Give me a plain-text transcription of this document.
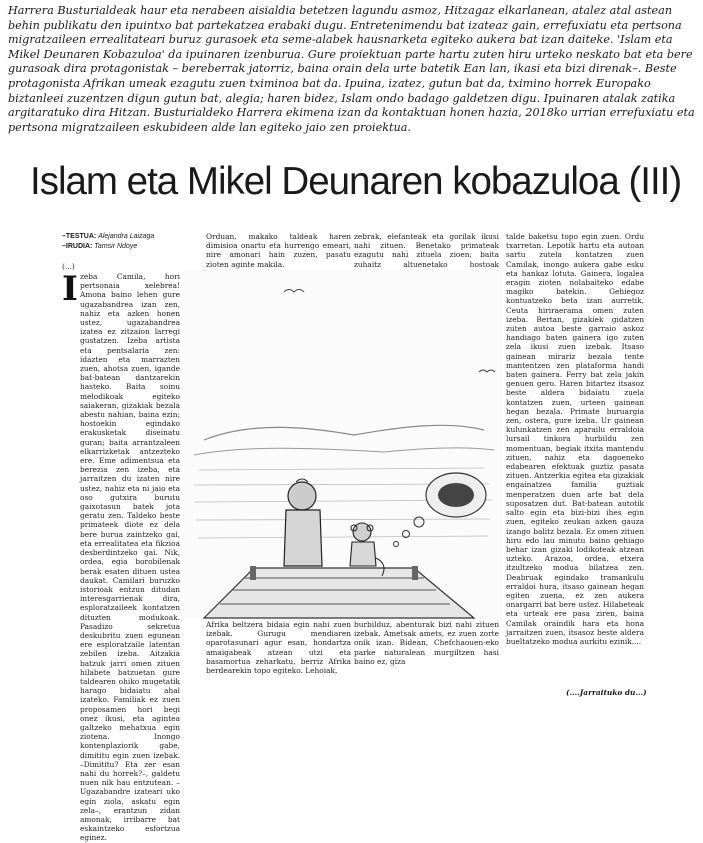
Harrera Busturialdeak haur eta nerabeen aisialdia betetzen lagundu asmoz, Hitzagaz elkarlanean, atalez atal astean behin publikatu den ipuintxo bat partekatzea erabaki dugu. Entretenimendu bat izateaz gain, errefuxiatu eta pertsona migratzaileen errealitateari buruz gurasoek eta seme-alabek hausnarketa egiteko aukera bat izan daiteke. 'Islam eta Mikel Deunaren Kobazuloa' da ipuinaren izenburua. Gure proiektuan parte hartu zuten hiru urteko neskato bat eta bere gurasoak dira protagonistak – bereberrak jatorriz, baina orain dela urte batetik Ean lan, ikasi eta bizi direnak–. Beste protagonista Afrikan umeak ezagutu zuen tximinoa bat da. Ipuina, izatez, gutun bat da, tximino horrek Europako biztanleei zuzentzen digun gutun bat, alegia; haren bidez, Islam ondo badago galdetzen digu. Ipuinaren atalak zatika argitaratuko dira Hitzan. Busturialdeko Harrera ekimena izan da kontaktuan honen hazia, 2018ko urrian errefuxiatu eta pertsona migratzaileen eskubideen alde lan egiteko jaio zen proiektua.
Islam eta Mikel Deunaren kobazuloa (III)
–TESTUA: Alejandra Laizaga
–IRUDIA: Tamsir Ndoye
(...)
I zeba Camila, hori pertsonaia xelebrea! Amona baino lehen gure ugazabandrea izan zen, nahiz eta azken honen ustez, ugazabandrea izatea ez zitzaion larregi gustatzen. Izeba artista eta pentsalaria zen: idazten eta marrazten zuen, ahotsa zuen, igande bat-batean dantzarekin hasteko. Baita soinu melodikoak egiteko saiakeran, gizakiak bezala abestu nahian, baina ezin; hostoekin egindako erakusketak diseinatu guran; baita arrantzaleen elkarrizketak antzezteko ere. Eme adimentsua eta berezia zen izeba, eta jarraitzen du izaten nire ustez, nahiz eta ni jaio eta oso gutxira burutu gaixotasun batek jota geratu zen. Taldeko beste primateek diote ez dela bere burua zaintzeko gai, eta errealitatea eta fikzioa desberdintzeko gai. Nik, ordea, egia borobilenak berak esaten dituen ustea daukat. Camilari buruzko istorioak entzun ditudan interesgarrienak dira, esploratzaileek kontatzen dituzten modukoak. Pasadizo sekretua deskubritu zuen egunean ere esploratzaile latentan zebilen izeba. Aitzakia batzuk jarri omen zituen hilabete batzuetan gure taldearen ohiko mugetatik harago bidaiatu ahal izateko. Familiak ez zuen proposamen hori begi onez ikusi, eta agintea galtzeko mehatxua egin ziotena. Inongo kontenplaziorik gabe, dimititu egin zuen izebak. –Dimititu? Eta zer esan nahi du horrek?–, galdetu nuen nik hau entzutean. –Ugazabandre izateari uko egin ziola, askatu egin zela–, erantzun zidan amonak, irribarre bat eskaintzeko esfortzua eginez.
Orduan, makako taldeak haren dimisioa onartu eta hurrengo emeari, nire amonari hain zuzen, pasatu zioten aginte makila.
zebrak, elefanteak eta gorilak ikusi nahi zituen. Benetako primateak ezagutu nahi zituela zioen; baita zuhaitz altuenetako hostoak
talde baketsu topo egin zuen. Ordu txarretan. Lepotik hartu eta autoan sartu zutela kontatzen zuen Camilak, inongo aukera gabe esku eta hankaz lotuta. Gainera, logalea eragin zioten nolabaiteko edabe magiko batekin. Gehiegoz kontuatzeko beta izan aurretik, Ceuta hiriraerama omen zuten izeba. Bertan, gizakiek gidatzen zuten autoa beste garraio askoz handiago baten gainera igo zuten zela ikusi zuen izebak. Itsaso gainean mirariz bezala tente mantentzen zen plataforma handi baten gainera. Ferry bat zela jakin genuen gero. Haren bitartez itsasoz beste aldera bidaiatu zuela kontatzen zuen, urteen gainean hegan bezala. Primate buruargia zen, ostera, gure izeba. Ur gainean kulunkatzen zen aparailu erraldoia lursail tinkora hurbildu zen momentuan, begiak itxita mantendu zituen, nahiz eta dagoeneko edabearen efektuak guztiz pasata zituen. Antzerkia egitea eta gizakiak engainatzea familia guztiak menperatzen duen arte bat dela suposatzen dut. Bat-batean autotik salto egin eta bizi-bizi ihes egin zuen, egiteko zeukan azken gauza izango balitz bezala. Ez omen zituen hiru edo lau minutu baino gehiago behar izan gizaki lodikoteak atzean uzteko. Arazoa, ordea, etxera itzultzeko modua bilatzea zen. Deabruak egindako tramankulu erraldoi hura, itsaso gainean hegan egiten zuena, ez zen aukera onargarri bat bere ustez. Hilabeteak eta urteak ere pasa ziren, baina Camilak oraindik hara eta hona jarraitzen zuen, itsasoz beste aldera bueltatzeko modua aurkitu ezinik....
Afrika beltzera bidaia egin nahi zuen izebak. Gurugu mendiaren oparotasunari agur esan, hondartza amaigabeak atzean utzi eta basamortua zeharkatu, berriz Afrika berdearekin topo egiteko. Lehoiak,
burbilduz, abenturak bizi nahi zituen izebak. Ametsak amets, ez zuen zorte onik izan. Bidean, Chefchaouen-eko parke naturalean murgiltzen hasi baino ez, giza
(....Jarraituko du...)
